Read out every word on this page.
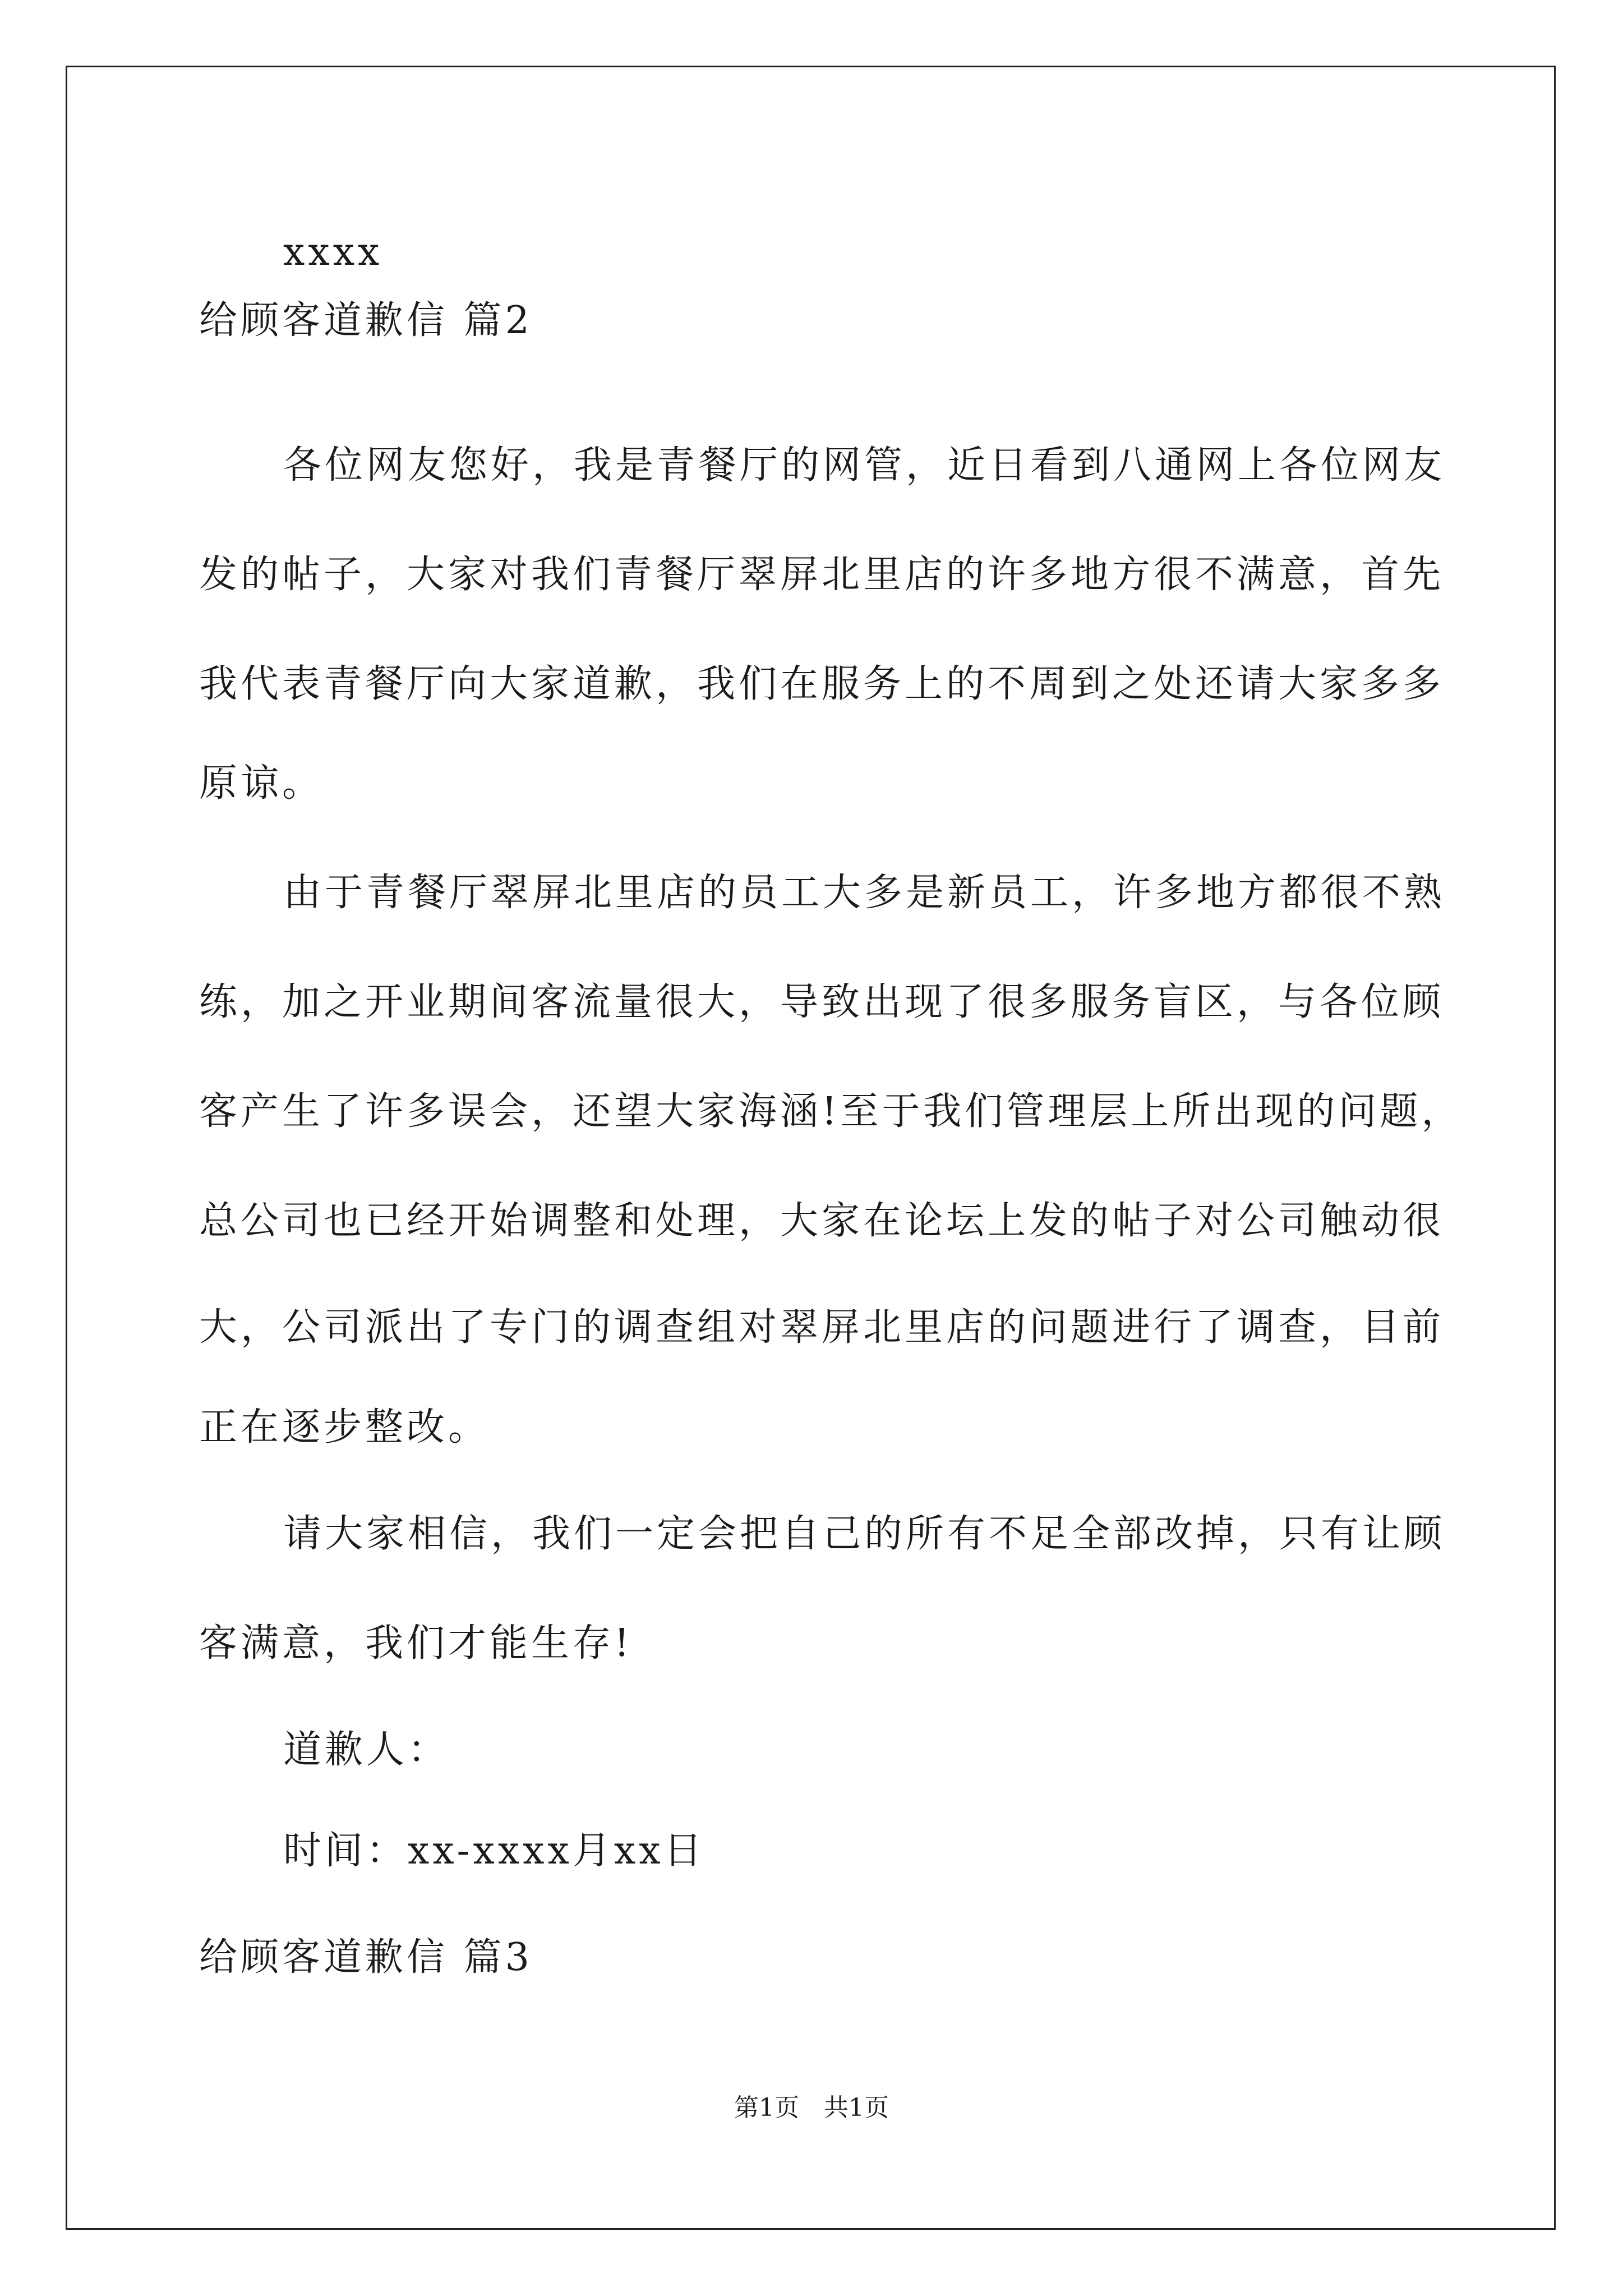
xxxx
给顾客道歉信 篇2
各位网友您好，我是青餐厅的网管，近日看到八通网上各位网友
发的帖子，大家对我们青餐厅翠屏北里店的许多地方很不满意，首先
我代表青餐厅向大家道歉，我们在服务上的不周到之处还请大家多多
原谅。
由于青餐厅翠屏北里店的员工大多是新员工，许多地方都很不熟
练，加之开业期间客流量很大，导致出现了很多服务盲区，与各位顾
客产生了许多误会，还望大家海涵!至于我们管理层上所出现的问题，
总公司也已经开始调整和处理，大家在论坛上发的帖子对公司触动很
大，公司派出了专门的调查组对翠屏北里店的问题进行了调查，目前
正在逐步整改。
请大家相信，我们一定会把自己的所有不足全部改掉，只有让顾
客满意，我们才能生存!
道歉人：
时间：xx-xxxx月xx日
给顾客道歉信 篇3
第1页　共1页
